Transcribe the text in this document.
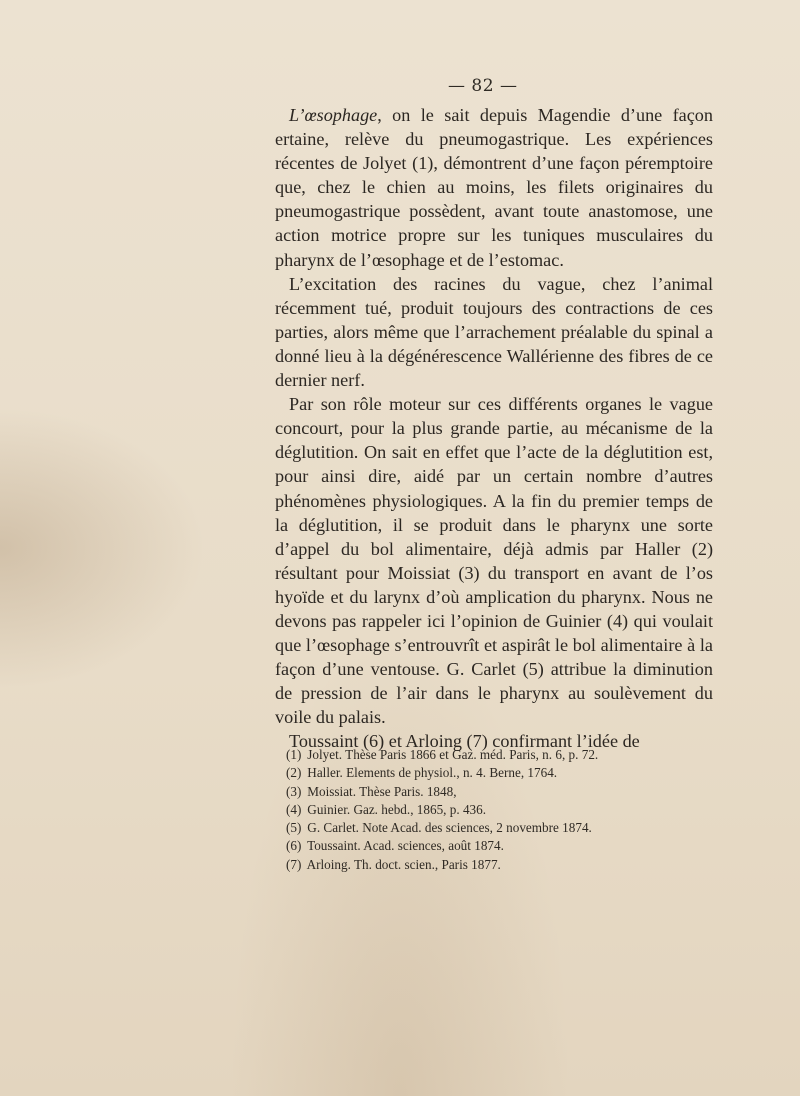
— 82 —

L’œsophage, on le sait depuis Magendie d’une façon ertaine, relève du pneumogastrique. Les expériences récentes de Jolyet (1), démontrent d’une façon péremptoire que, chez le chien au moins, les filets originaires du pneumogastrique possèdent, avant toute anastomose, une action motrice propre sur les tuniques musculaires du pharynx de l’œsophage et de l’estomac.

L’excitation des racines du vague, chez l’animal récemment tué, produit toujours des contractions de ces parties, alors même que l’arrachement préalable du spinal a donné lieu à la dégénérescence Wallérienne des fibres de ce dernier nerf.

Par son rôle moteur sur ces différents organes le vague concourt, pour la plus grande partie, au mécanisme de la déglutition. On sait en effet que l’acte de la déglutition est, pour ainsi dire, aidé par un certain nombre d’autres phénomènes physiologiques. A la fin du premier temps de la déglutition, il se produit dans le pharynx une sorte d’appel du bol alimentaire, déjà admis par Haller (2) résultant pour Moissiat (3) du transport en avant de l’os hyoïde et du larynx d’où amplication du pharynx. Nous ne devons pas rappeler ici l’opinion de Guinier (4) qui voulait que l’œsophage s’entrouvrît et aspirât le bol alimentaire à la façon d’une ventouse. G. Carlet (5) attribue la diminution de pression de l’air dans le pharynx au soulèvement du voile du palais.

Toussaint (6) et Arloing (7) confirmant l’idée de

(1) Jolyet. Thèse Paris 1866 et Gaz. méd. Paris, n. 6, p. 72.
(2) Haller. Elements de physiol., n. 4. Berne, 1764.
(3) Moissiat. Thèse Paris. 1848,
(4) Guinier. Gaz. hebd., 1865, p. 436.
(5) G. Carlet. Note Acad. des sciences, 2 novembre 1874.
(6) Toussaint. Acad. sciences, août 1874.
(7) Arloing. Th. doct. scien., Paris 1877.
